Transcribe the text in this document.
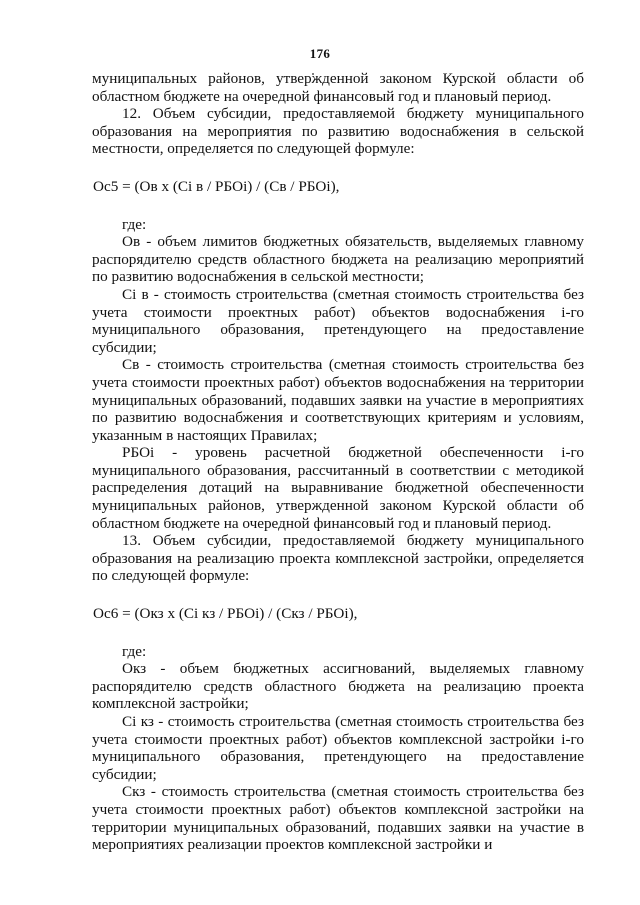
176

муниципальных районов, утвержденной законом Курской области об областном бюджете на очередной финансовый год и плановый период.

12. Объем субсидии, предоставляемой бюджету муниципального образования на мероприятия по развитию водоснабжения в сельской местности, определяется по следующей формуле:

Ос5 = (Ов х (Сi в / РБОi) / (Св / РБОi),

где:

Ов - объем лимитов бюджетных обязательств, выделяемых главному распорядителю средств областного бюджета на реализацию мероприятий по развитию водоснабжения в сельской местности;

Сi в - стоимость строительства (сметная стоимость строительства без учета стоимости проектных работ) объектов водоснабжения i-го муниципального образования, претендующего на предоставление субсидии;

Св - стоимость строительства (сметная стоимость строительства без учета стоимости проектных работ) объектов водоснабжения на территории муниципальных образований, подавших заявки на участие в мероприятиях по развитию водоснабжения и соответствующих критериям и условиям, указанным в настоящих Правилах;

РБОi - уровень расчетной бюджетной обеспеченности i-го муниципального образования, рассчитанный в соответствии с методикой распределения дотаций на выравнивание бюджетной обеспеченности муниципальных районов, утвержденной законом Курской области об областном бюджете на очередной финансовый год и плановый период.

13. Объем субсидии, предоставляемой бюджету муниципального образования на реализацию проекта комплексной застройки, определяется по следующей формуле:

Ос6 = (Окз х (Сi кз / РБОi) / (Скз / РБОi),

где:

Окз - объем бюджетных ассигнований, выделяемых главному распорядителю средств областного бюджета на реализацию проекта комплексной застройки;

Сi кз - стоимость строительства (сметная стоимость строительства без учета стоимости проектных работ) объектов комплексной застройки i-го муниципального образования, претендующего на предоставление субсидии;

Скз - стоимость строительства (сметная стоимость строительства без учета стоимости проектных работ) объектов комплексной застройки на территории муниципальных образований, подавших заявки на участие в мероприятиях реализации проектов комплексной застройки и
